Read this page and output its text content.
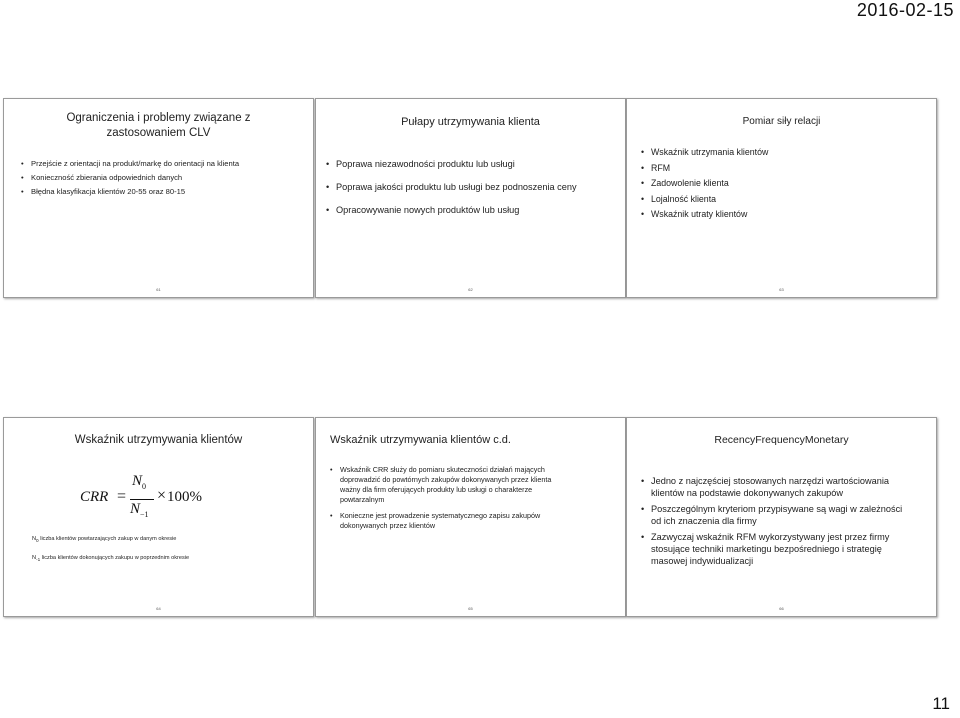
2016-02-15
Ograniczenia i problemy związane z zastosowaniem CLV
• Przejście z orientacji na produkt/markę do orientacji na klienta
• Konieczność zbierania odpowiednich danych
• Błędna klasyfikacja klientów 20-55 oraz 80-15
61
Pułapy utrzymywania klienta
• Poprawa niezawodności produktu lub usługi
• Poprawa jakości produktu lub usługi bez podnoszenia ceny
• Opracowywanie nowych produktów lub usług
62
Pomiar siły relacji
• Wskaźnik utrzymania klientów
• RFM
• Zadowolenie klienta
• Lojalność klienta
• Wskaźnik utraty klientów
63
Wskaźnik utrzymywania klientów
CRR =
$N_0$
$N_{-1}$
× 100%
$N_0$ liczba klientów powtarzających zakup w danym okresie
$N_{-1}$ liczba klientów dokonujących zakupu w poprzednim okresie
64
Wskaźnik utrzymywania klientów c.d.
• Wskaźnik CRR służy do pomiaru skuteczności działań mających doprowadzić do powtórnych zakupów dokonywanych przez klienta ważny dla firm oferujących produkty lub usługi o charakterze powtarzalnym
• Konieczne jest prowadzenie systematycznego zapisu zakupów dokonywanych przez klientów
65
RecencyFrequencyMonetary
• Jedno z najczęściej stosowanych narzędzi wartościowania klientów na podstawie dokonywanych zakupów
• Poszczególnym kryteriom przypisywane są wagi w zależności od ich znaczenia dla firmy
• Zazwyczaj wskaźnik RFM wykorzystywany jest przez firmy stosujące techniki marketingu bezpośredniego i strategię masowej indywidualizacji
66
11
